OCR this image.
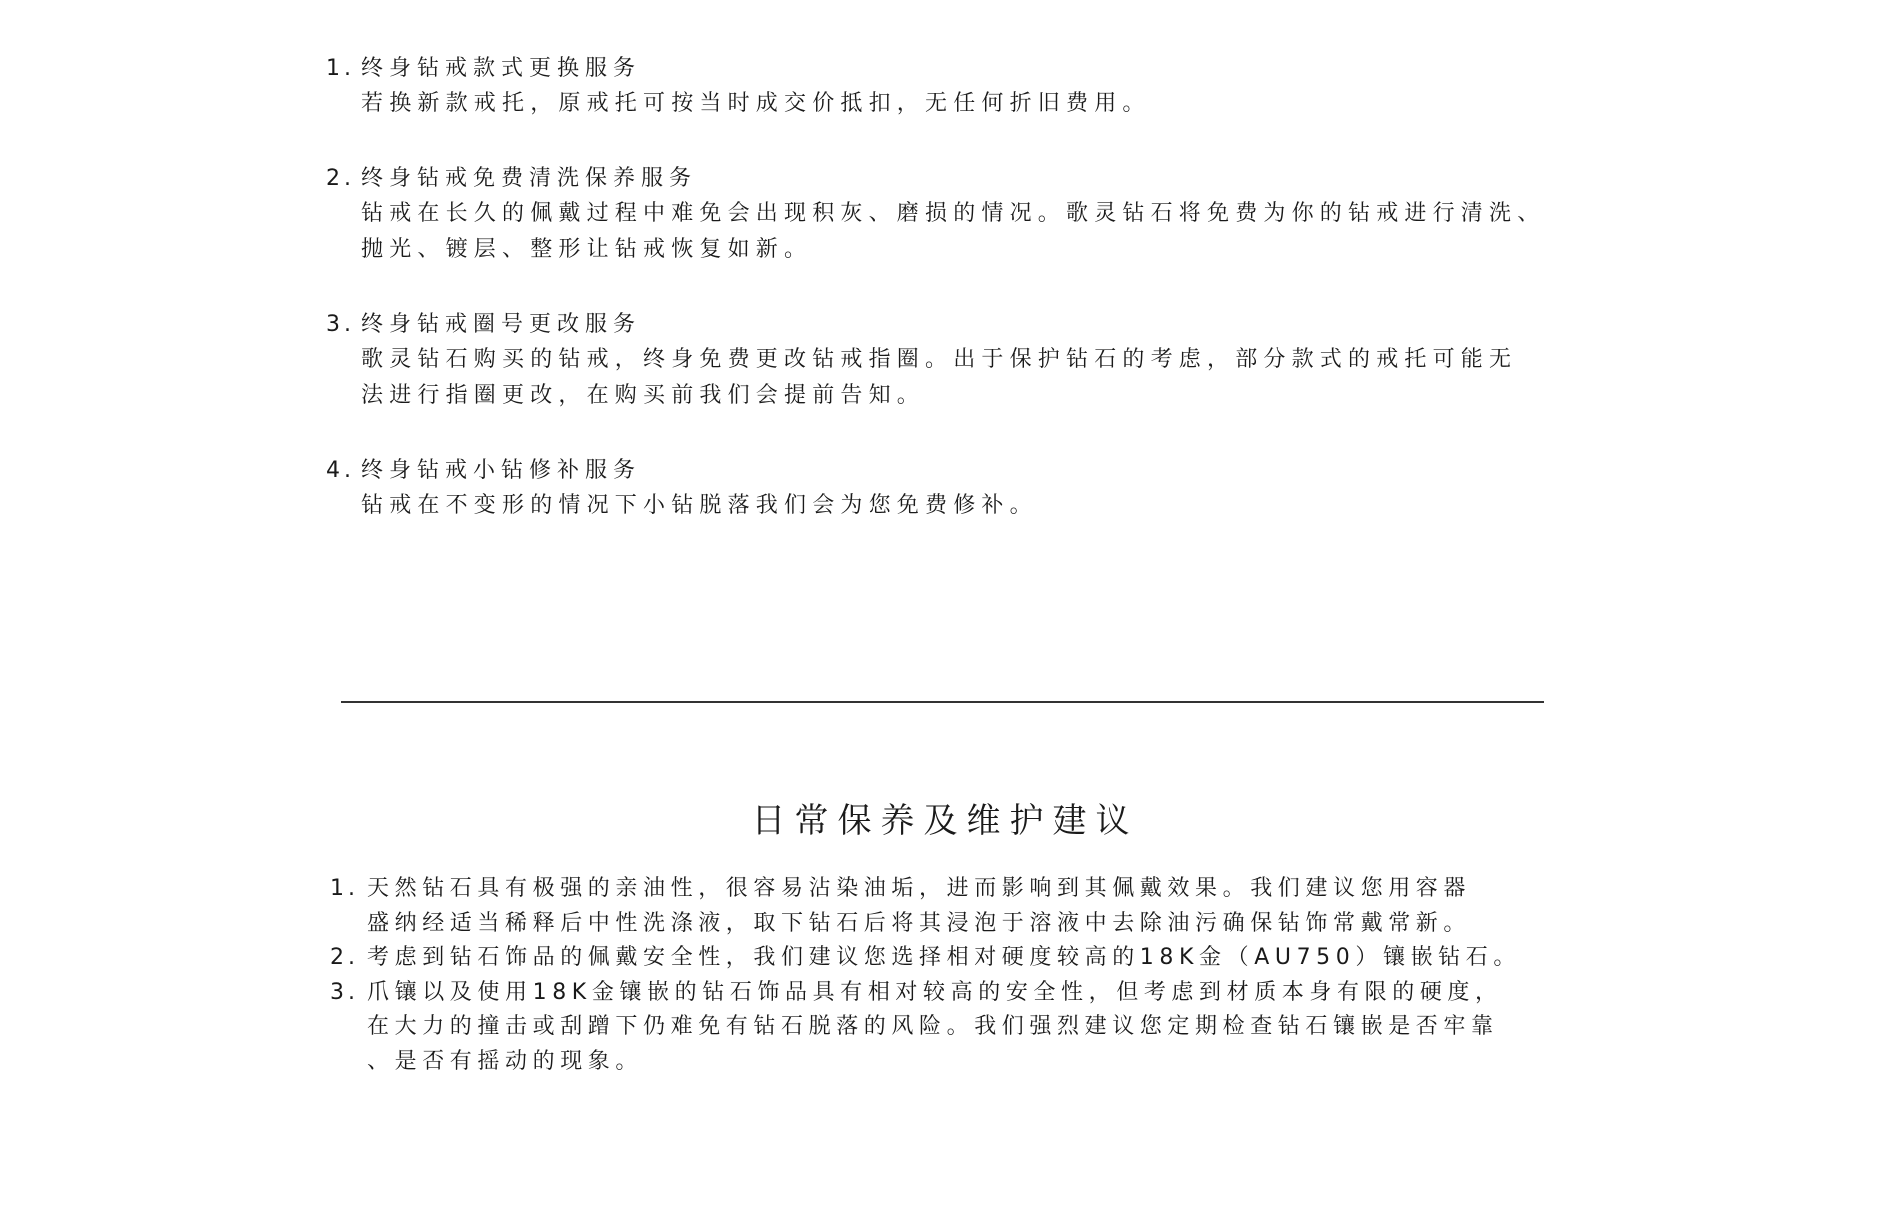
1. 终身钻戒款式更换服务
若换新款戒托，原戒托可按当时成交价抵扣，无任何折旧费用。
2. 终身钻戒免费清洗保养服务
钻戒在长久的佩戴过程中难免会出现积灰、磨损的情况。歌灵钻石将免费为你的钻戒进行清洗、
抛光、镀层、整形让钻戒恢复如新。
3. 终身钻戒圈号更改服务
歌灵钻石购买的钻戒，终身免费更改钻戒指圈。出于保护钻石的考虑，部分款式的戒托可能无
法进行指圈更改，在购买前我们会提前告知。
4. 终身钻戒小钻修补服务
钻戒在不变形的情况下小钻脱落我们会为您免费修补。
日常保养及维护建议
1. 天然钻石具有极强的亲油性，很容易沾染油垢，进而影响到其佩戴效果。我们建议您用容器
盛纳经适当稀释后中性洗涤液，取下钻石后将其浸泡于溶液中去除油污确保钻饰常戴常新。
2. 考虑到钻石饰品的佩戴安全性，我们建议您选择相对硬度较高的18K金（AU750）镶嵌钻石。
3. 爪镶以及使用18K金镶嵌的钻石饰品具有相对较高的安全性，但考虑到材质本身有限的硬度，
在大力的撞击或刮蹭下仍难免有钻石脱落的风险。我们强烈建议您定期检查钻石镶嵌是否牢靠
、是否有摇动的现象。
